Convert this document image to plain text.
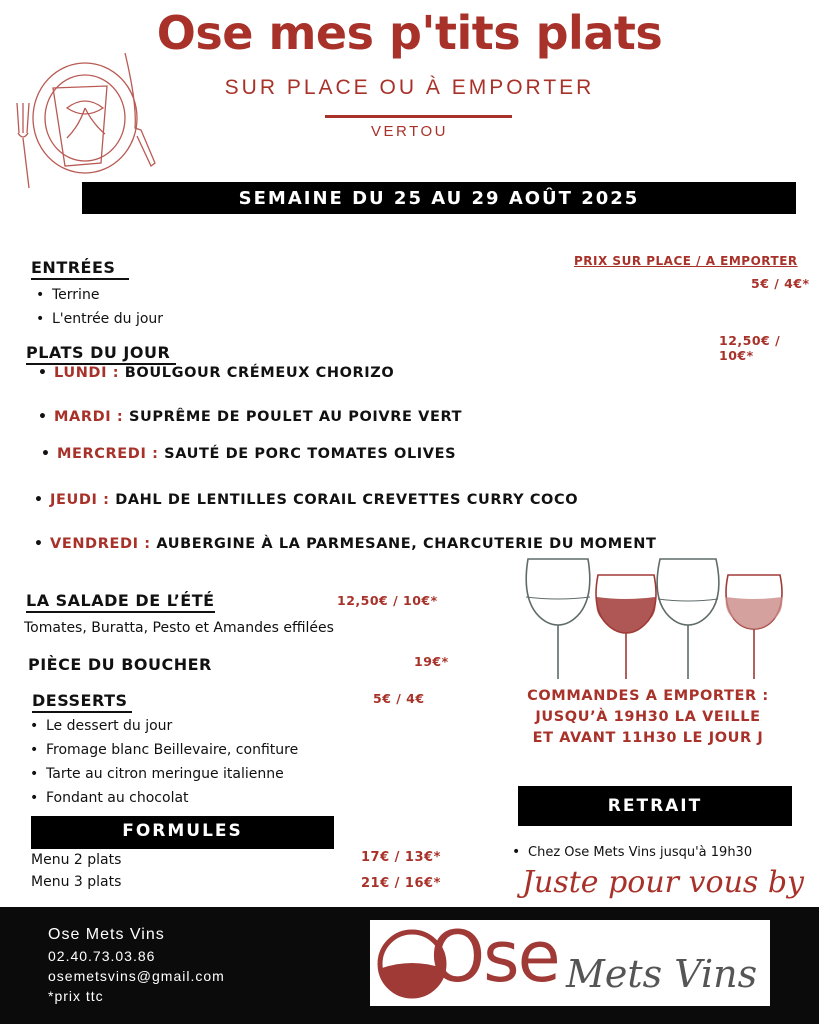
Ose mes p'tits plats
SUR PLACE OU À EMPORTER
VERTOU
SEMAINE DU 25 AU 29 AOÛT 2025
PRIX SUR PLACE / A EMPORTER
ENTRÉES
5€ / 4€*
• Terrine
• L'entrée du jour
PLATS DU JOUR
12,50€ / 10€*
• LUNDI : BOULGOUR CRÉMEUX CHORIZO
• MARDI : SUPRÊME DE POULET AU POIVRE VERT
• MERCREDI : SAUTÉ DE PORC TOMATES OLIVES
• JEUDI : DAHL DE LENTILLES CORAIL CREVETTES CURRY COCO
• VENDREDI : AUBERGINE À LA PARMESANE, CHARCUTERIE DU MOMENT
LA SALADE DE L’ÉTÉ	12,50€ / 10€*
Tomates, Buratta, Pesto et Amandes effilées
PIÈCE DU BOUCHER	19€*
DESSERTS	5€ / 4€
• Le dessert du jour
• Fromage blanc Beillevaire, confiture
• Tarte au citron meringue italienne
• Fondant au chocolat
COMMANDES A EMPORTER :
JUSQU’À 19H30 LA VEILLE
ET AVANT 11H30 LE JOUR J
FORMULES
Menu 2 plats	17€ / 13€*
Menu 3 plats	21€ / 16€*
RETRAIT
• Chez Ose Mets Vins jusqu'à 19h30
Juste pour vous by
Ose Mets Vins
02.40.73.03.86
osemetsvins@gmail.com
*prix ttc	Ose Mets Vins
